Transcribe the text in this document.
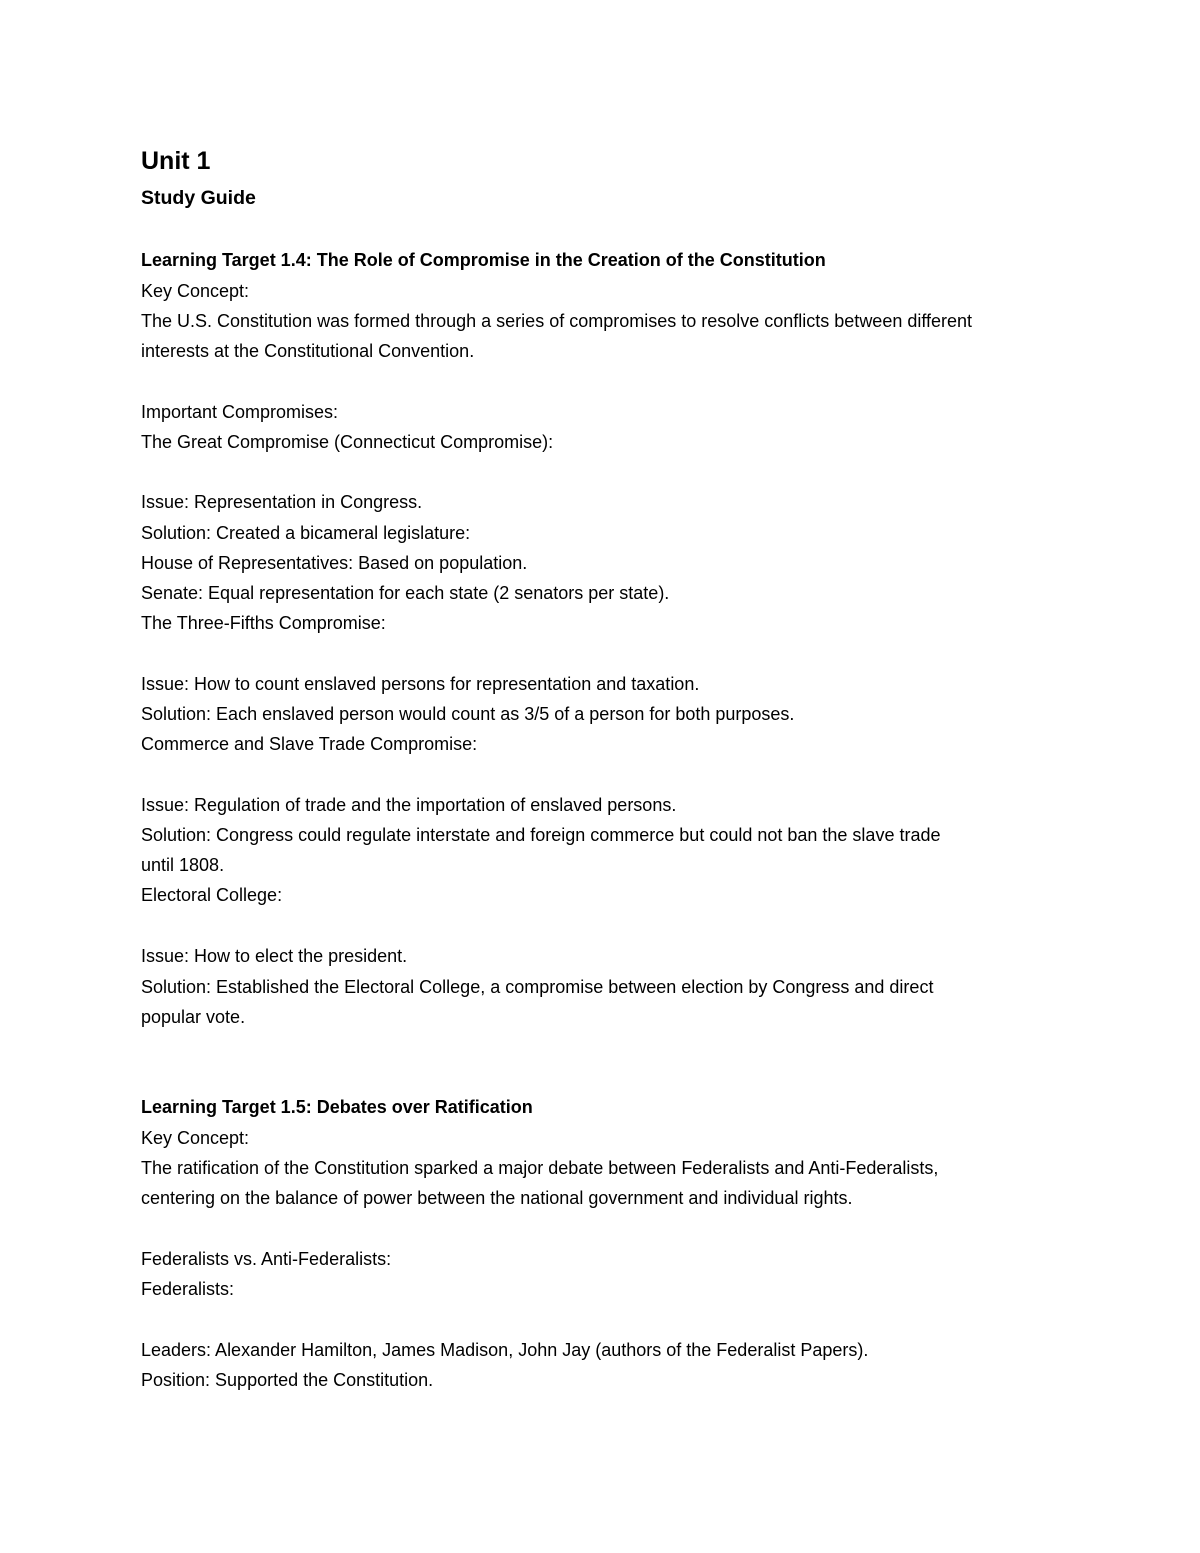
Unit 1
Study Guide
Learning Target 1.4: The Role of Compromise in the Creation of the Constitution
Key Concept:
The U.S. Constitution was formed through a series of compromises to resolve conflicts between different
interests at the Constitutional Convention.
Important Compromises:
The Great Compromise (Connecticut Compromise):
Issue: Representation in Congress.
Solution: Created a bicameral legislature:
House of Representatives: Based on population.
Senate: Equal representation for each state (2 senators per state).
The Three-Fifths Compromise:
Issue: How to count enslaved persons for representation and taxation.
Solution: Each enslaved person would count as 3/5 of a person for both purposes.
Commerce and Slave Trade Compromise:
Issue: Regulation of trade and the importation of enslaved persons.
Solution: Congress could regulate interstate and foreign commerce but could not ban the slave trade
until 1808.
Electoral College:
Issue: How to elect the president.
Solution: Established the Electoral College, a compromise between election by Congress and direct
popular vote.
Learning Target 1.5: Debates over Ratification
Key Concept:
The ratification of the Constitution sparked a major debate between Federalists and Anti-Federalists,
centering on the balance of power between the national government and individual rights.
Federalists vs. Anti-Federalists:
Federalists:
Leaders: Alexander Hamilton, James Madison, John Jay (authors of the Federalist Papers).
Position: Supported the Constitution.
